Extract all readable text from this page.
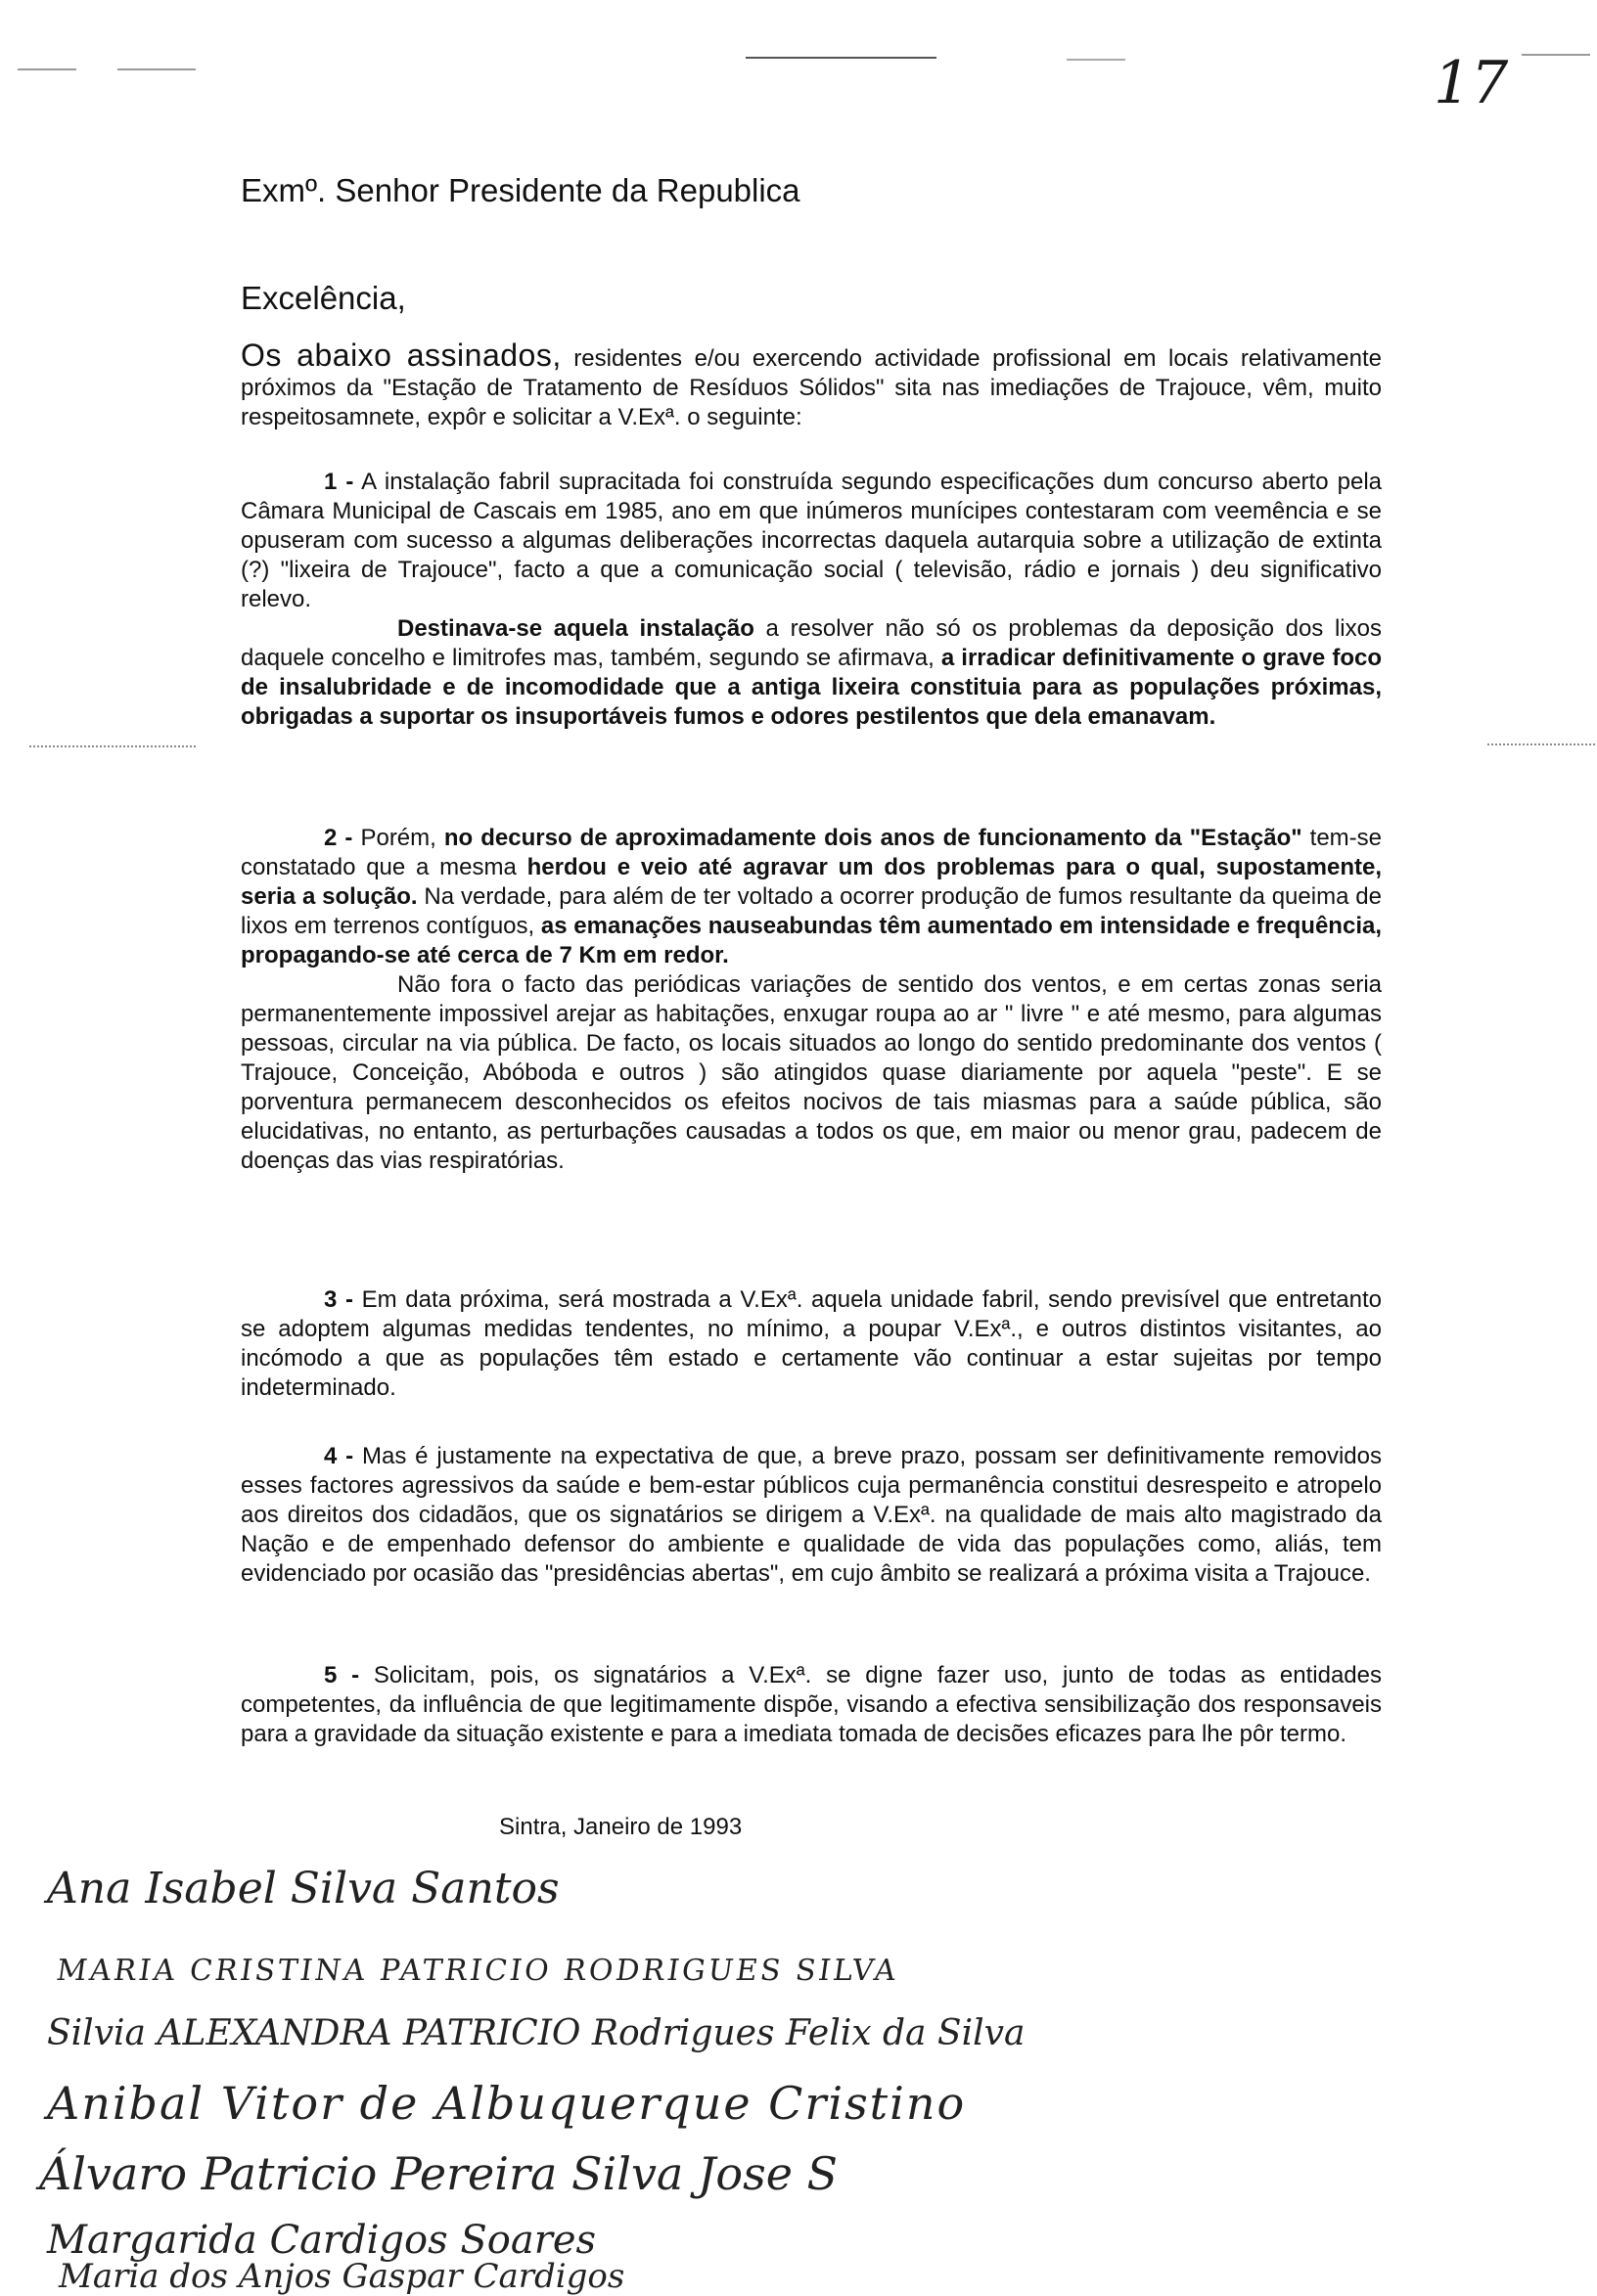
17
Exmº. Senhor Presidente da Republica
Excelência,
Os abaixo assinados, residentes e/ou exercendo actividade profissional em locais relativamente próximos da "Estação de Tratamento de Resíduos Sólidos" sita nas imediações de Trajouce, vêm, muito respeitosamnete, expôr e solicitar a V.Exª. o seguinte:

1 - A instalação fabril supracitada foi construída segundo especificações dum concurso aberto pela Câmara Municipal de Cascais em 1985, ano em que inúmeros munícipes contestaram com veemência e se opuseram com sucesso a algumas deliberações incorrectas daquela autarquia sobre a utilização de extinta (?) "lixeira de Trajouce", facto a que a comunicação social ( televisão, rádio e jornais ) deu significativo relevo.

Destinava-se aquela instalação a resolver não só os problemas da deposição dos lixos daquele concelho e limitrofes mas, também, segundo se afirmava, a irradicar definitivamente o grave foco de insalubridade e de incomodidade que a antiga lixeira constituia para as populações próximas, obrigadas a suportar os insuportáveis fumos e odores pestilentos que dela emanavam.

2 - Porém, no decurso de aproximadamente dois anos de funcionamento da "Estação" tem-se constatado que a mesma herdou e veio até agravar um dos problemas para o qual, supostamente, seria a solução. Na verdade, para além de ter voltado a ocorrer produção de fumos resultante da queima de lixos em terrenos contíguos, as emanações nauseabundas têm aumentado em intensidade e frequência, propagando-se até cerca de 7 Km em redor.

Não fora o facto das periódicas variações de sentido dos ventos, e em certas zonas seria permanentemente impossivel arejar as habitações, enxugar roupa ao ar " livre " e até mesmo, para algumas pessoas, circular na via pública. De facto, os locais situados ao longo do sentido predominante dos ventos ( Trajouce, Conceição, Abóboda e outros ) são atingidos quase diariamente por aquela "peste". E se porventura permanecem desconhecidos os efeitos nocivos de tais miasmas para a saúde pública, são elucidativas, no entanto, as perturbações causadas a todos os que, em maior ou menor grau, padecem de doenças das vias respiratórias.

3 - Em data próxima, será mostrada a V.Exª. aquela unidade fabril, sendo previsível que entretanto se adoptem algumas medidas tendentes, no mínimo, a poupar V.Exª., e outros distintos visitantes, ao incómodo a que as populações têm estado e certamente vão continuar a estar sujeitas por tempo indeterminado.

4 - Mas é justamente na expectativa de que, a breve prazo, possam ser definitivamente removidos esses factores agressivos da saúde e bem-estar públicos cuja permanência constitui desrespeito e atropelo aos direitos dos cidadãos, que os signatários se dirigem a V.Exª. na qualidade de mais alto magistrado da Nação e de empenhado defensor do ambiente e qualidade de vida das populações como, aliás, tem evidenciado por ocasião das "presidências abertas", em cujo âmbito se realizará a próxima visita a Trajouce.

5 - Solicitam, pois, os signatários a V.Exª. se digne fazer uso, junto de todas as entidades competentes, da influência de que legitimamente dispõe, visando a efectiva sensibilização dos responsaveis para a gravidade da situação existente e para a imediata tomada de decisões eficazes para lhe pôr termo.

Sintra, Janeiro de 1993
Ana Isabel Silva Santos
MARIA CRISTINA PATRICIO RODRIGUES SILVA
Silvia ALEXANDRA PATRICIO Rodrigues Felix da Silva
Anibal Vitor de Albuquerque Cristino
Álvaro Patricio Pereira Silva Jose S
Margarida Cardigos Soares
Maria dos Anjos Gaspar Cardigos
